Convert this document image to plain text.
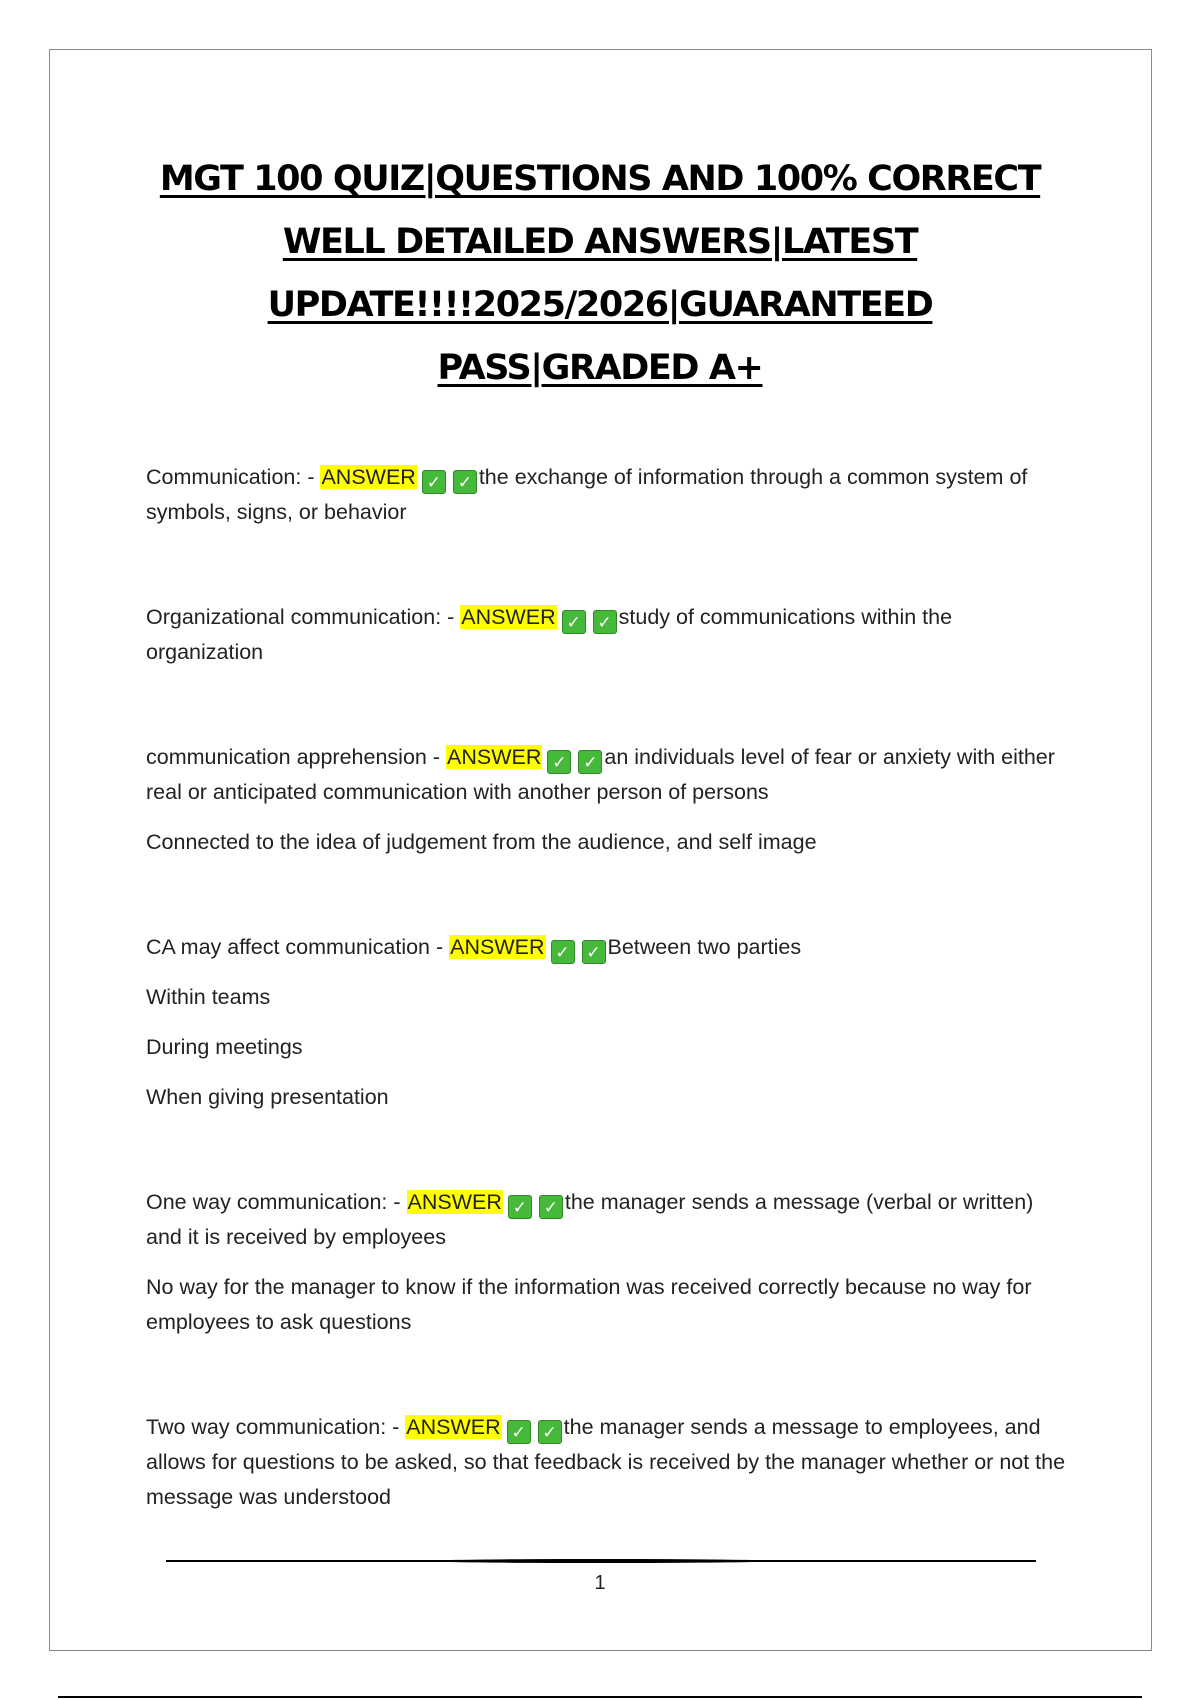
MGT 100 QUIZ|QUESTIONS AND 100% CORRECT
WELL DETAILED ANSWERS|LATEST
UPDATE!!!!2025/2026|GUARANTEED
PASS|GRADED A+

Communication: - ANSWER ✓ ✓ the exchange of information through a common system of symbols, signs, or behavior

Organizational communication: - ANSWER ✓ ✓ study of communications within the organization

communication apprehension - ANSWER ✓ ✓ an individuals level of fear or anxiety with either real or anticipated communication with another person of persons

Connected to the idea of judgement from the audience, and self image

CA may affect communication - ANSWER ✓ ✓ Between two parties

Within teams

During meetings

When giving presentation

One way communication: - ANSWER ✓ ✓ the manager sends a message (verbal or written) and it is received by employees

No way for the manager to know if the information was received correctly because no way for employees to ask questions

Two way communication: - ANSWER ✓ ✓ the manager sends a message to employees, and allows for questions to be asked, so that feedback is received by the manager whether or not the message was understood

1
